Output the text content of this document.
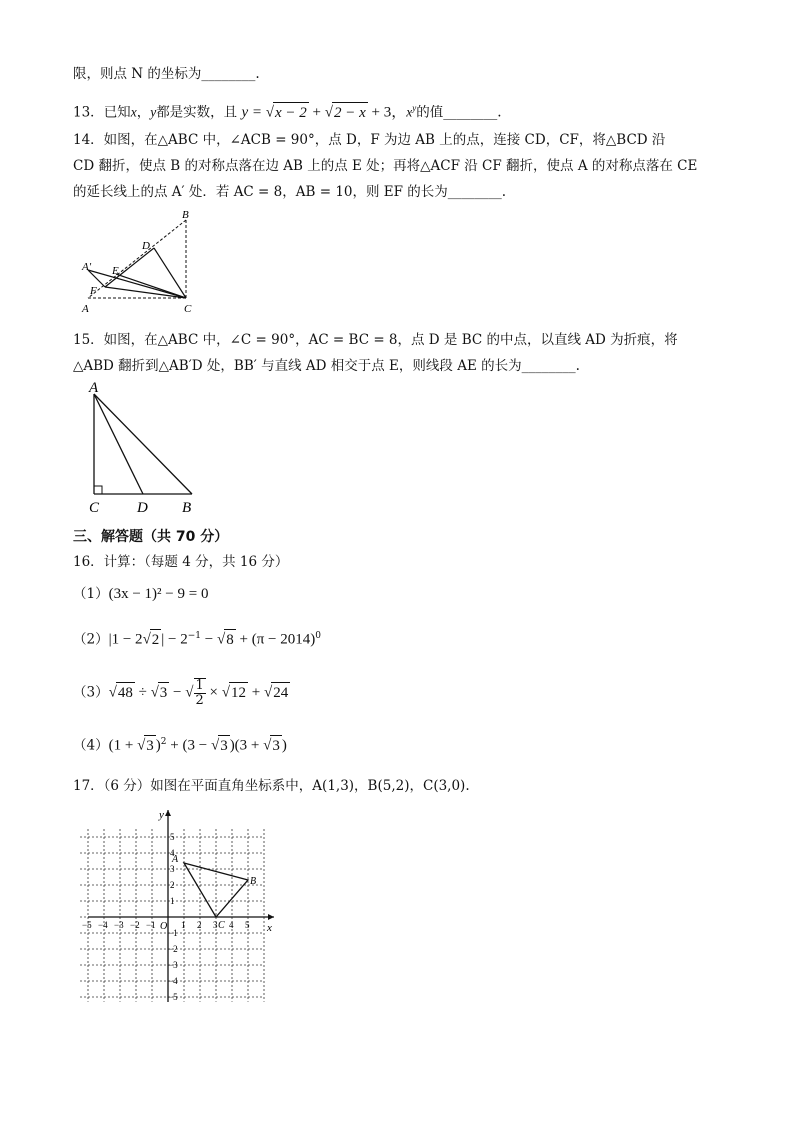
限，则点 N 的坐标为________.
13．已知x，y都是实数，且 y = √x − 2 + √2 − x + 3，$x^y$的值________.
14．如图，在△ABC 中，∠ACB = 90°，点 D，F 为边 AB 上的点，连接 CD，CF，将△BCD 沿
CD 翻折，使点 B 的对称点落在边 AB 上的点 E 处；再将△ACF 沿 CF 翻折，使点 A 的对称点落在 CE
的延长线上的点 A′ 处．若 AC = 8，AB = 10，则 EF 的长为________.
B
D
A′ E
F
A	C
15．如图，在△ABC 中，∠C = 90°，AC = BC = 8，点 D 是 BC 的中点，以直线 AD 为折痕，将
△ABD 翻折到△AB′D 处，BB′ 与直线 AD 相交于点 E，则线段 AE 的长为________.
A
C	D B
三、解答题（共 70 分）
16．计算：（每题 4 分，共 16 分）
（1）(3x − 1)² − 9 = 0
（2）|1 − 2√2 | − $2^{-1} - √8 + (\pi - 2014)^0$
（3）√48 ÷ √3 − √ $\frac{1}{2} \times √12 + √24$
（4）(1 + √3 )$^2$ + (3 − √3 )(3 + √3 )
17．（6 分）如图在平面直角坐标系中，A(1,3)，B(5,2)，C(3,0).
x
y
O
−5 −4 −3 −2 −1	1 2 3 4 5
5
4
3
2
1
−1
−2
−3
−4
−5
A
B
C
